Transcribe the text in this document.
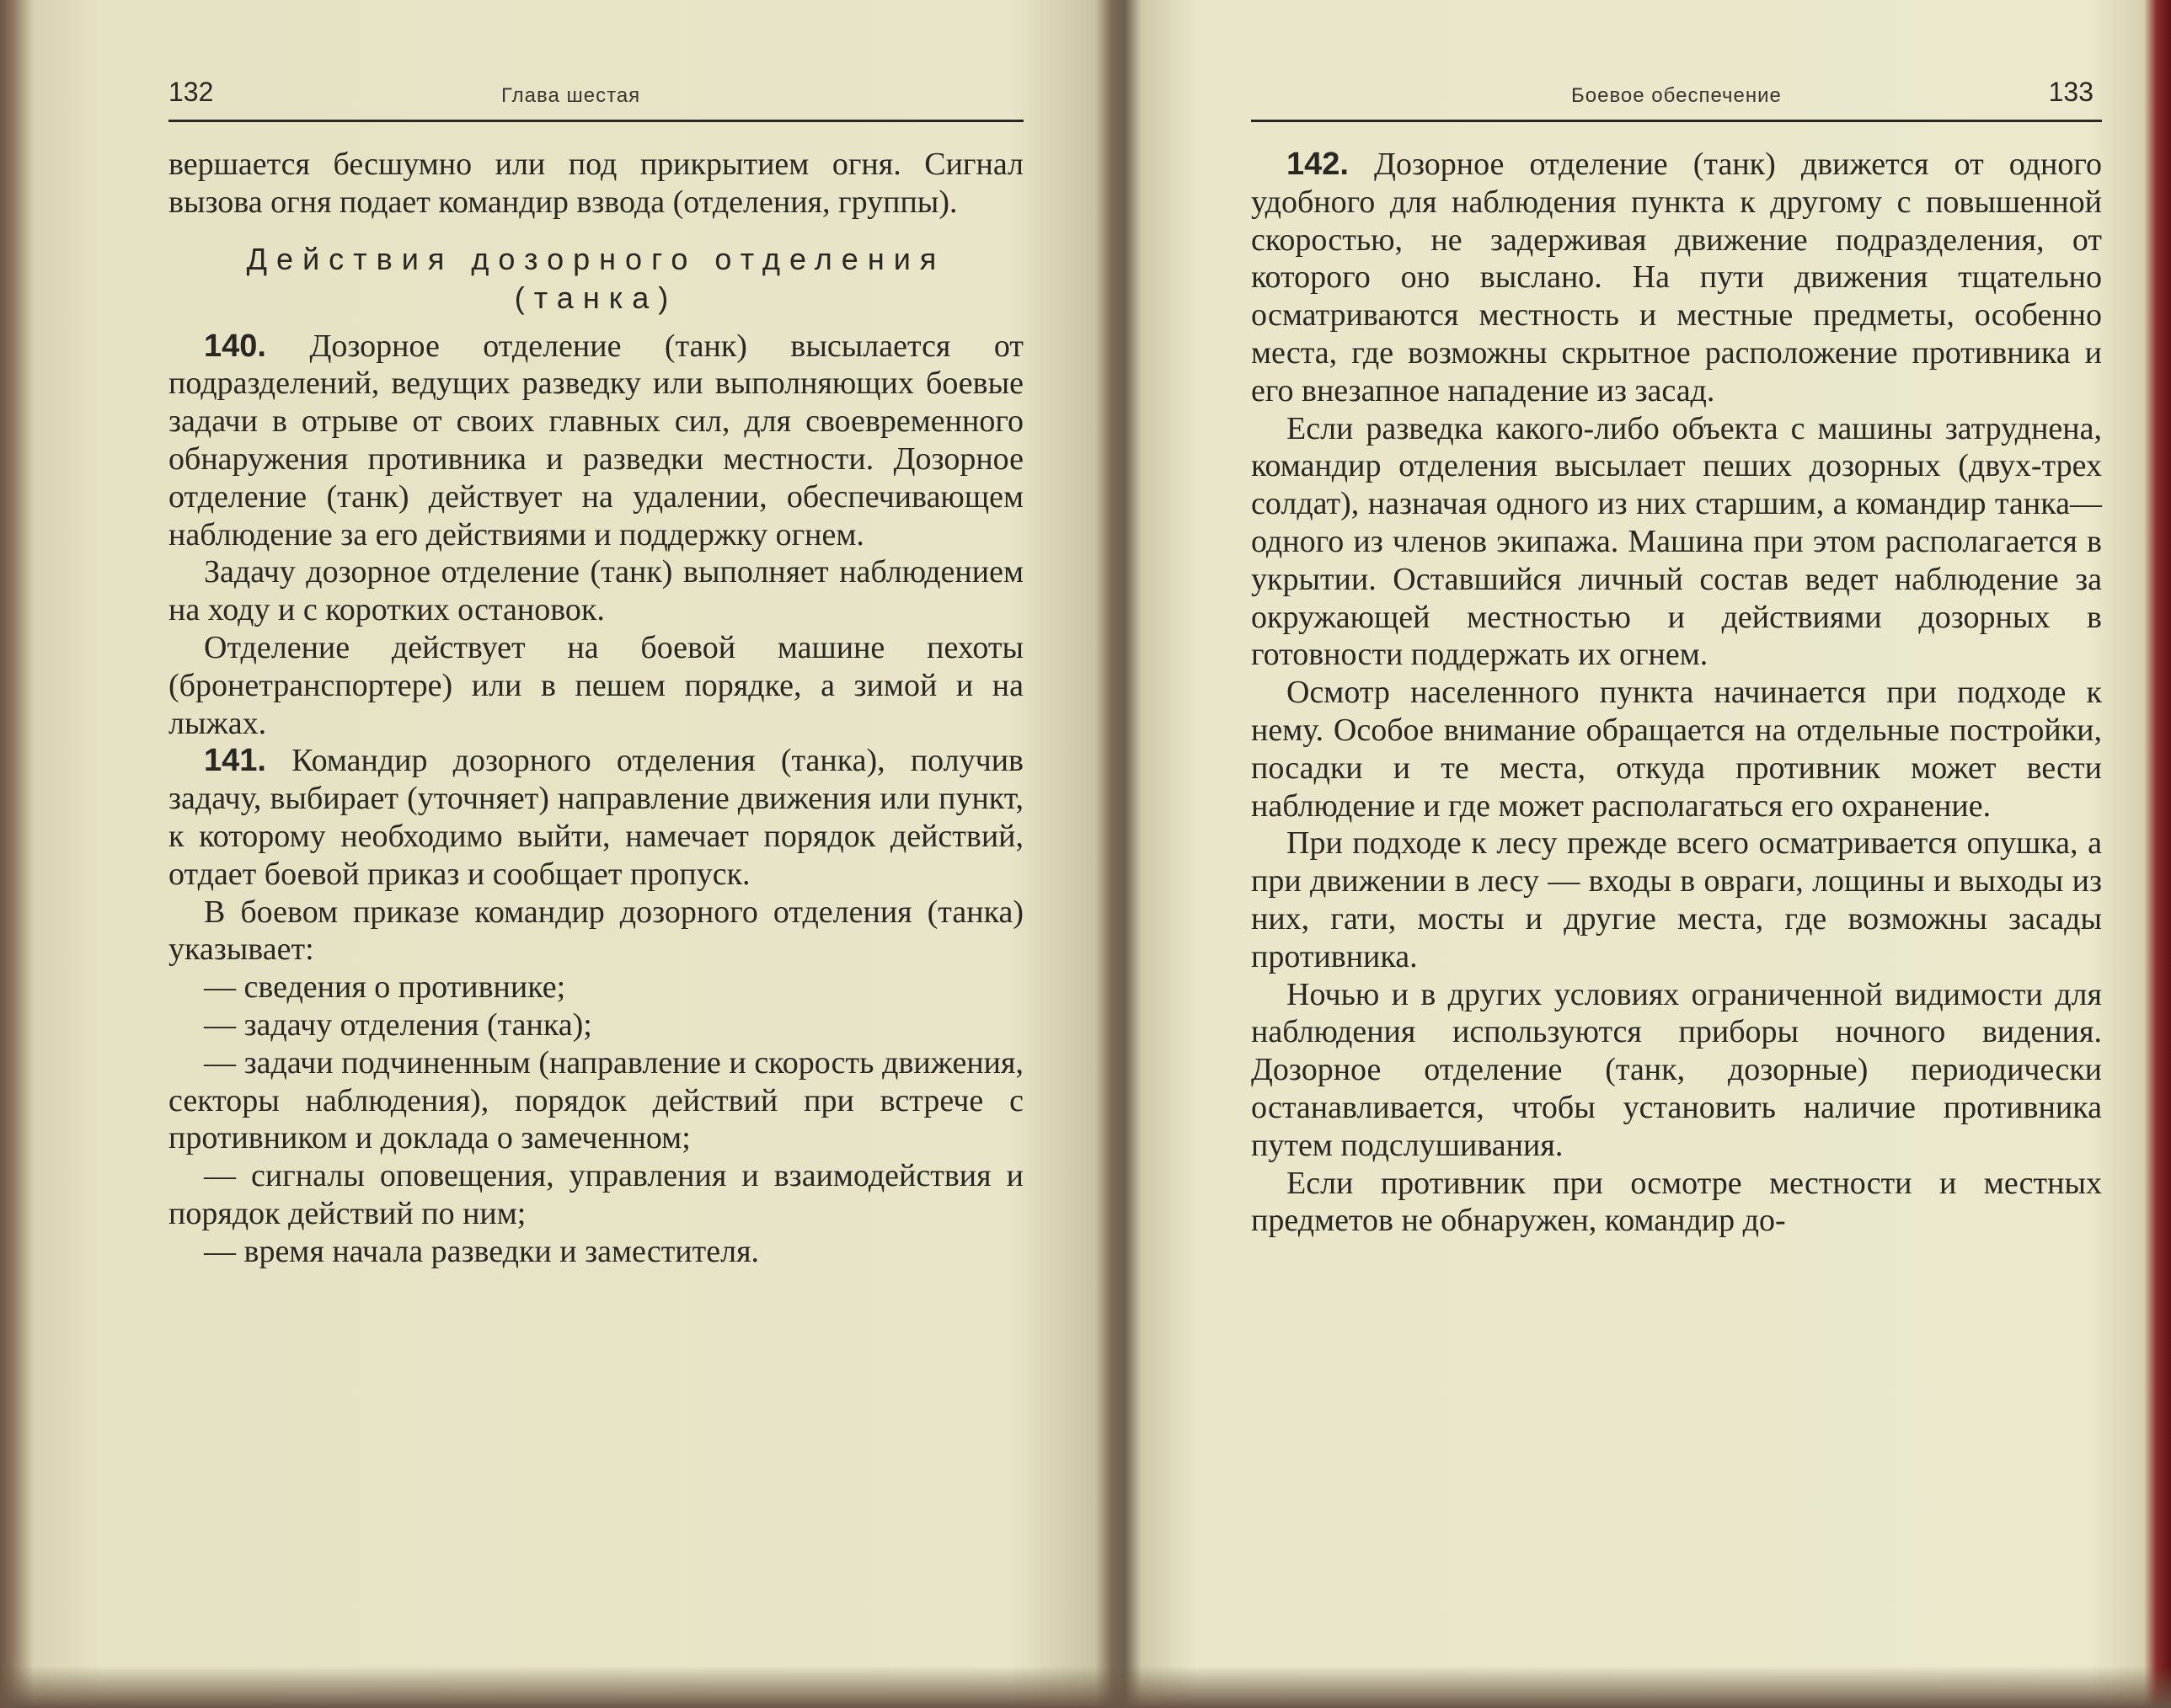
132	Глава шестая

вершается бесшумно или под прикрытием огня. Сигнал вызова огня подает командир взвода (отделения, группы).

Действия дозорного отделения (танка)

140. Дозорное отделение (танк) высылается от подразделений, ведущих разведку или выполняющих боевые задачи в отрыве от своих главных сил, для своевременного обнаружения противника и разведки местности. Дозорное отделение (танк) действует на удалении, обеспечивающем наблюдение за его действиями и поддержку огнем.

Задачу дозорное отделение (танк) выполняет наблюдением на ходу и с коротких остановок.

Отделение действует на боевой машине пехоты (бронетранспортере) или в пешем порядке, а зимой и на лыжах.

141. Командир дозорного отделения (танка), получив задачу, выбирает (уточняет) направление движения или пункт, к которому необходимо выйти, намечает порядок действий, отдает боевой приказ и сообщает пропуск.

В боевом приказе командир дозорного отделения (танка) указывает:

— сведения о противнике;

— задачу отделения (танка);

— задачи подчиненным (направление и скорость движения, секторы наблюдения), порядок действий при встрече с противником и доклада о замеченном;

— сигналы оповещения, управления и взаимодействия и порядок действий по ним;

— время начала разведки и заместителя.

Боевое обеспечение	133

142. Дозорное отделение (танк) движется от одного удобного для наблюдения пункта к другому с повышенной скоростью, не задерживая движение подразделения, от которого оно выслано. На пути движения тщательно осматриваются местность и местные предметы, особенно места, где возможны скрытное расположение противника и его внезапное нападение из засад.

Если разведка какого-либо объекта с машины затруднена, командир отделения высылает пеших дозорных (двух-трех солдат), назначая одного из них старшим, а командир танка—одного из членов экипажа. Машина при этом располагается в укрытии. Оставшийся личный состав ведет наблюдение за окружающей местностью и действиями дозорных в готовности поддержать их огнем.

Осмотр населенного пункта начинается при подходе к нему. Особое внимание обращается на отдельные постройки, посадки и те места, откуда противник может вести наблюдение и где может располагаться его охранение.

При подходе к лесу прежде всего осматривается опушка, а при движении в лесу — входы в овраги, лощины и выходы из них, гати, мосты и другие места, где возможны засады противника.

Ночью и в других условиях ограниченной видимости для наблюдения используются приборы ночного видения. Дозорное отделение (танк, дозорные) периодически останавливается, чтобы установить наличие противника путем подслушивания.

Если противник при осмотре местности и местных предметов не обнаружен, командир до-
